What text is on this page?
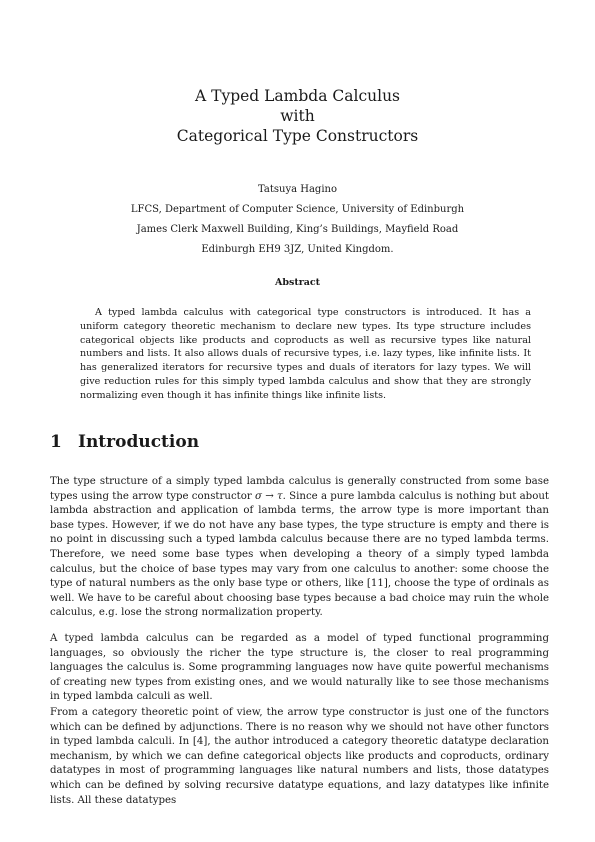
A Typed Lambda Calculus
with
Categorical Type Constructors
Tatsuya Hagino
LFCS, Department of Computer Science, University of Edinburgh
James Clerk Maxwell Building, King’s Buildings, Mayfield Road
Edinburgh EH9 3JZ, United Kingdom.
Abstract

A typed lambda calculus with categorical type constructors is introduced. It has a uniform category theoretic mechanism to declare new types. Its type structure includes categorical objects like products and coproducts as well as recursive types like natural numbers and lists. It also allows duals of recursive types, i.e. lazy types, like infinite lists. It has generalized iterators for recursive types and duals of iterators for lazy types. We will give reduction rules for this simply typed lambda calculus and show that they are strongly normalizing even though it has infinite things like infinite lists.

1 Introduction

The type structure of a simply typed lambda calculus is generally constructed from some base types using the arrow type constructor σ → τ. Since a pure lambda calculus is nothing but about lambda abstraction and application of lambda terms, the arrow type is more important than base types. However, if we do not have any base types, the type structure is empty and there is no point in discussing such a typed lambda calculus because there are no typed lambda terms. Therefore, we need some base types when developing a theory of a simply typed lambda calculus, but the choice of base types may vary from one calculus to another: some choose the type of natural numbers as the only base type or others, like [11], choose the type of ordinals as well. We have to be careful about choosing base types because a bad choice may ruin the whole calculus, e.g. lose the strong normalization property.

A typed lambda calculus can be regarded as a model of typed functional programming languages, so obviously the richer the type structure is, the closer to real programming languages the calculus is. Some programming languages now have quite powerful mechanisms of creating new types from existing ones, and we would naturally like to see those mechanisms in typed lambda calculi as well.

From a category theoretic point of view, the arrow type constructor is just one of the functors which can be defined by adjunctions. There is no reason why we should not have other functors in typed lambda calculi. In [4], the author introduced a category theoretic datatype declaration mechanism, by which we can define categorical objects like products and coproducts, ordinary datatypes in most of programming languages like natural numbers and lists, those datatypes which can be defined by solving recursive datatype equations, and lazy datatypes like infinite lists. All these datatypes
